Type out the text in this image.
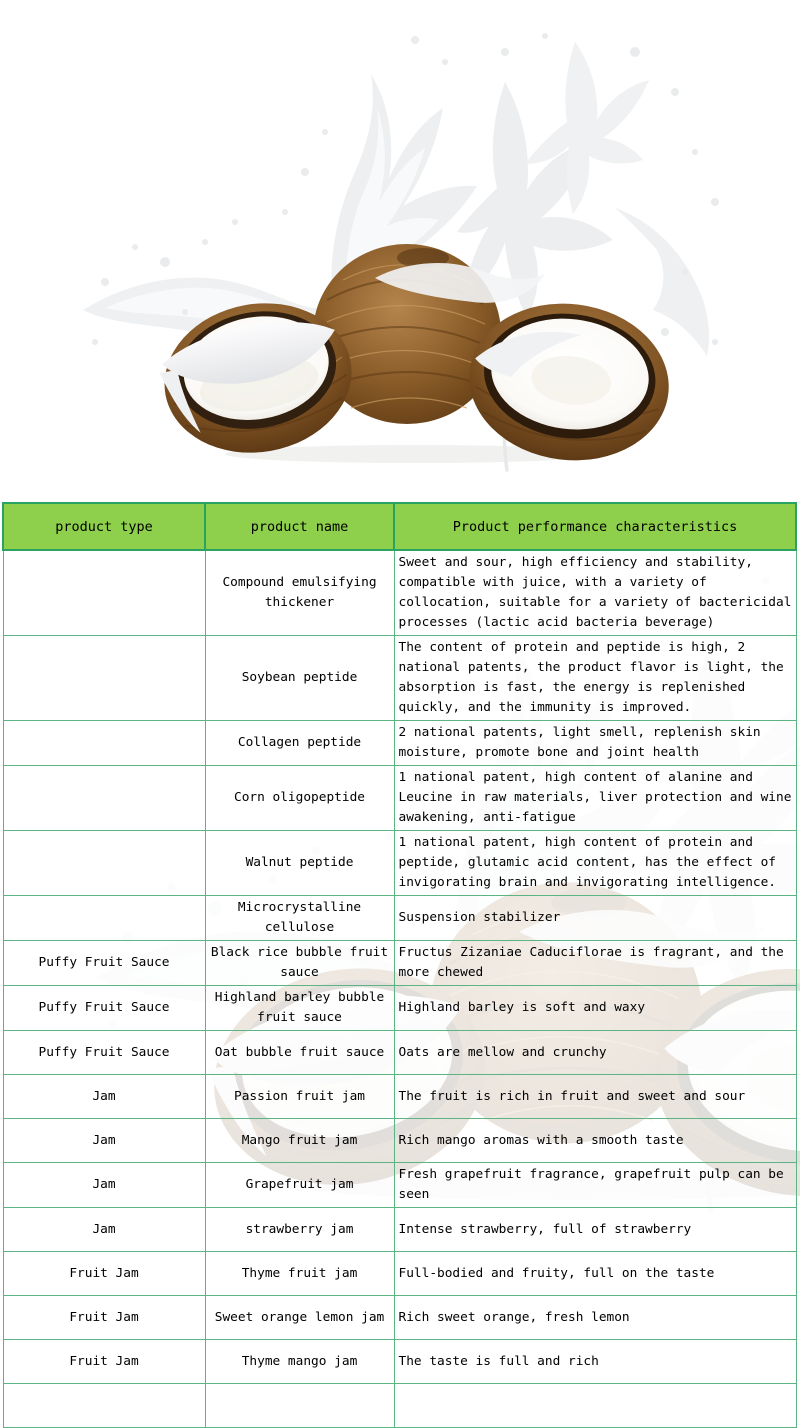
product type	product name	Product performance characteristics
	Compound emulsifying thickener	Sweet and sour, high efficiency and stability, compatible with juice, with a variety of collocation, suitable for a variety of bactericidal processes (lactic acid bacteria beverage)
	Soybean peptide	The content of protein and peptide is high, 2 national patents, the product flavor is light, the absorption is fast, the energy is replenished quickly, and the immunity is improved.
	Collagen peptide	2 national patents, light smell, replenish skin moisture, promote bone and joint health
	Corn oligopeptide	1 national patent, high content of alanine and Leucine in raw materials, liver protection and wine awakening, anti-fatigue
	Walnut peptide	1 national patent, high content of protein and peptide, glutamic acid content, has the effect of invigorating brain and invigorating intelligence.
	Microcrystalline cellulose	Suspension stabilizer
Puffy Fruit Sauce	Black rice bubble fruit sauce	Fructus Zizaniae Caduciflorae is fragrant, and the more chewed
Puffy Fruit Sauce	Highland barley bubble fruit sauce	Highland barley is soft and waxy
Puffy Fruit Sauce	Oat bubble fruit sauce	Oats are mellow and crunchy
Jam	Passion fruit jam	The fruit is rich in fruit and sweet and sour
Jam	Mango fruit jam	Rich mango aromas with a smooth taste
Jam	Grapefruit jam	Fresh grapefruit fragrance, grapefruit pulp can be seen
Jam	strawberry jam	Intense strawberry, full of strawberry
Fruit Jam	Thyme fruit jam	Full-bodied and fruity, full on the taste
Fruit Jam	Sweet orange lemon jam	Rich sweet orange, fresh lemon
Fruit Jam	Thyme mango jam	The taste is full and rich
